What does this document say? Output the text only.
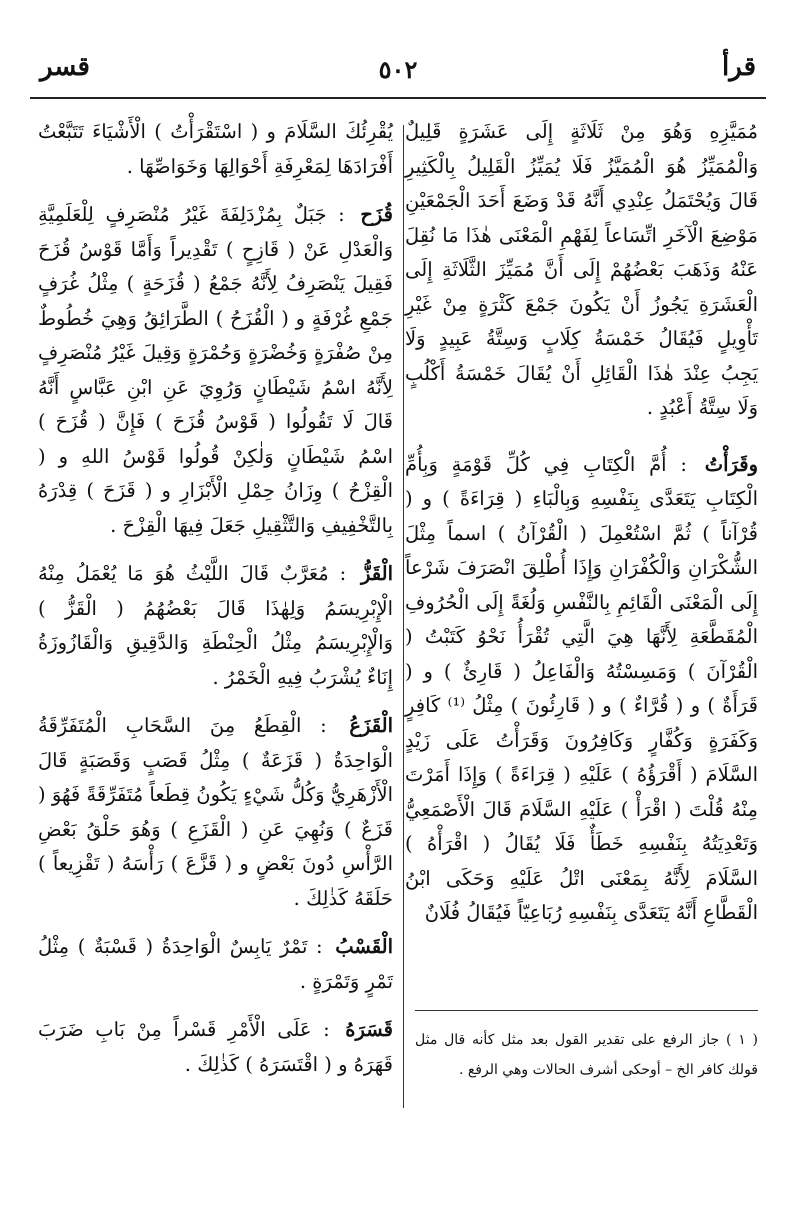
قرأ
٥٠٢
قسر

مُمَيَّزِهِ وَهُوَ مِنْ ثَلَاثَةٍ إِلَى عَشَرَةٍ قَلِيلٌ وَالْمُمَيِّزُ هُوَ الْمُمَيَّزُ فَلَا يُمَيِّزُ الْقَلِيلُ بِالْكَثِيرِ قَالَ وَيُحْتَمَلُ عِنْدِي أَنَّهُ قَدْ وَضَعَ أَحَدَ الْجَمْعَيْنِ مَوْضِعَ الْآخَرِ اتِّسَاعاً لِفَهْمِ الْمَعْنَى هٰذَا مَا نُقِلَ عَنْهُ وَذَهَبَ بَعْضُهُمْ إِلَى أَنَّ مُمَيِّزَ الثَّلَاثَةِ إِلَى الْعَشَرَةِ يَجُوزُ أَنْ يَكُونَ جَمْعَ كَثْرَةٍ مِنْ غَيْرِ تَأْوِيلٍ فَيُقَالُ خَمْسَةُ كِلَابٍ وَسِتَّةُ عَبِيدٍ وَلَا يَجِبُ عِنْدَ هٰذَا الْقَائِلِ أَنْ يُقَالَ خَمْسَةُ أَكْلُبٍ وَلَا سِتَّةُ أَعْبُدٍ .

وقَرَأْتُ : أُمَّ الْكِتَابِ فِي كُلِّ قَوْمَةٍ وَبِأُمِّ الْكِتَابِ يَتَعَدَّى بِنَفْسِهِ وَبِالْبَاءِ ( قِرَاءَةً ) و ( قُرْآناً ) ثُمَّ اسْتُعْمِلَ ( الْقُرْآنُ ) اسماً مِثْلَ الشُّكْرَانِ وَالْكُفْرَانِ وَإِذَا أُطْلِقَ انْصَرَفَ شَرْعاً إِلَى الْمَعْنَى الْقَائِمِ بِالنَّفْسِ وَلُغَةً إِلَى الْحُرُوفِ الْمُقَطَّعَةِ لِأَنَّهَا هِيَ الَّتِي تُقْرَأُ نَحْوُ كَتَبْتُ ( الْقُرْآنَ ) وَمَسِسْتُهُ وَالْفَاعِلُ ( قَارِئٌ ) و ( قَرَأَةٌ ) و ( قُرَّاءٌ ) و ( قَارِئُونَ ) مِثْلُ ⁽¹⁾ كَافِرٍ وَكَفَرَةٍ وَكُفَّارٍ وَكَافِرُونَ وَقَرَأْتُ عَلَى زَيْدٍ السَّلَامَ ( أَقْرَؤُهُ ) عَلَيْهِ ( قِرَاءَةً ) وَإِذَا أَمَرْتَ مِنْهُ قُلْتَ ( اقْرَأْ ) عَلَيْهِ السَّلَامَ قَالَ الْأَصْمَعِيُّ وَتَعْدِيَتُهُ بِنَفْسِهِ خَطَأٌ فَلَا يُقَالُ ( اقْرَأْهُ ) السَّلَامَ لِأَنَّهُ بِمَعْنَى اتْلُ عَلَيْهِ وَحَكَى ابْنُ الْقَطَّاعِ أَنَّهُ يَتَعَدَّى بِنَفْسِهِ رُبَاعِيّاً فَيُقَالُ فُلَانٌ

يُقْرِئُكَ السَّلَامَ و ( اسْتَقْرَأْتُ ) الْأَشْيَاءَ تَتَبَّعْتُ أَفْرَادَهَا لِمَعْرِفَةِ أَحْوَالِهَا وَخَوَاصِّهَا .

قُزَح : جَبَلٌ بِمُزْدَلِفَةَ غَيْرُ مُنْصَرِفٍ لِلْعَلَمِيَّةِ وَالْعَدْلِ عَنْ ( قَازِحٍ ) تَقْدِيراً وَأَمَّا قَوْسُ قُزَحَ فَقِيلَ يَنْصَرِفُ لِأَنَّهُ جَمْعُ ( قُزَحَةٍ ) مِثْلُ غُرَفٍ جَمْعِ غُرْفَةٍ و ( الْقُزَحُ ) الطَّرَائِقُ وَهِيَ خُطُوطٌ مِنْ صُفْرَةٍ وَخُضْرَةٍ وَحُمْرَةٍ وَقِيلَ غَيْرُ مُنْصَرِفٍ لِأَنَّهُ اسْمُ شَيْطَانٍ وَرُوِيَ عَنِ ابْنِ عَبَّاسٍ أَنَّهُ قَالَ لَا تَقُولُوا ( قَوْسُ قُزَحَ ) فَإِنَّ ( قُزَحَ ) اسْمُ شَيْطَانٍ وَلٰكِنْ قُولُوا قَوْسُ اللهِ و ( الْقِزْحُ ) وِزَانُ حِمْلِ الْأَبْزَارِ و ( قَزَحَ ) قِدْرَهُ بِالتَّخْفِيفِ وَالتَّثْقِيلِ جَعَلَ فِيهَا الْقِزْحَ .

الْقَزُّ : مُعَرَّبٌ قَالَ اللَّيْثُ هُوَ مَا يُعْمَلُ مِنْهُ الْإِبْرِيسَمُ وَلِهٰذَا قَالَ بَعْضُهُمُ ( الْقَزُّ ) وَالْإِبْرِيسَمُ مِثْلُ الْحِنْطَةِ وَالدَّقِيقِ وَالْقَازُوزَةُ إِنَاءٌ يُشْرَبُ فِيهِ الْخَمْرُ .

الْقَزَعُ : الْقِطَعُ مِنَ السَّحَابِ الْمُتَفَرِّقَةُ الْوَاحِدَةُ ( قَزَعَةٌ ) مِثْلُ قَصَبٍ وَقَصَبَةٍ قَالَ الْأَزْهَرِيُّ وَكُلُّ شَيْءٍ يَكُونُ قِطَعاً مُتَفَرِّقَةً فَهُوَ ( قَزَعٌ ) وَنُهِيَ عَنِ ( الْقَزَعِ ) وَهُوَ حَلْقُ بَعْضِ الرَّأْسِ دُونَ بَعْضٍ و ( قَزَّعَ ) رَأْسَهُ ( تَقْزِيعاً ) حَلَقَهُ كَذٰلِكَ .

الْقَسْبُ : تَمْرٌ يَابِسٌ الْوَاحِدَةُ ( قَسْبَةٌ ) مِثْلُ تَمْرٍ وَتَمْرَةٍ .

قَسَرَهُ : عَلَى الْأَمْرِ قَسْراً مِنْ بَابِ ضَرَبَ قَهَرَهُ و ( اقْتَسَرَهُ ) كَذٰلِكَ .

( ١ ) جاز الرفع على تقدير القول بعد مثل كأنه قال مثل قولك كافر الخ – أوحكى أشرف الحالات وهي الرفع .
